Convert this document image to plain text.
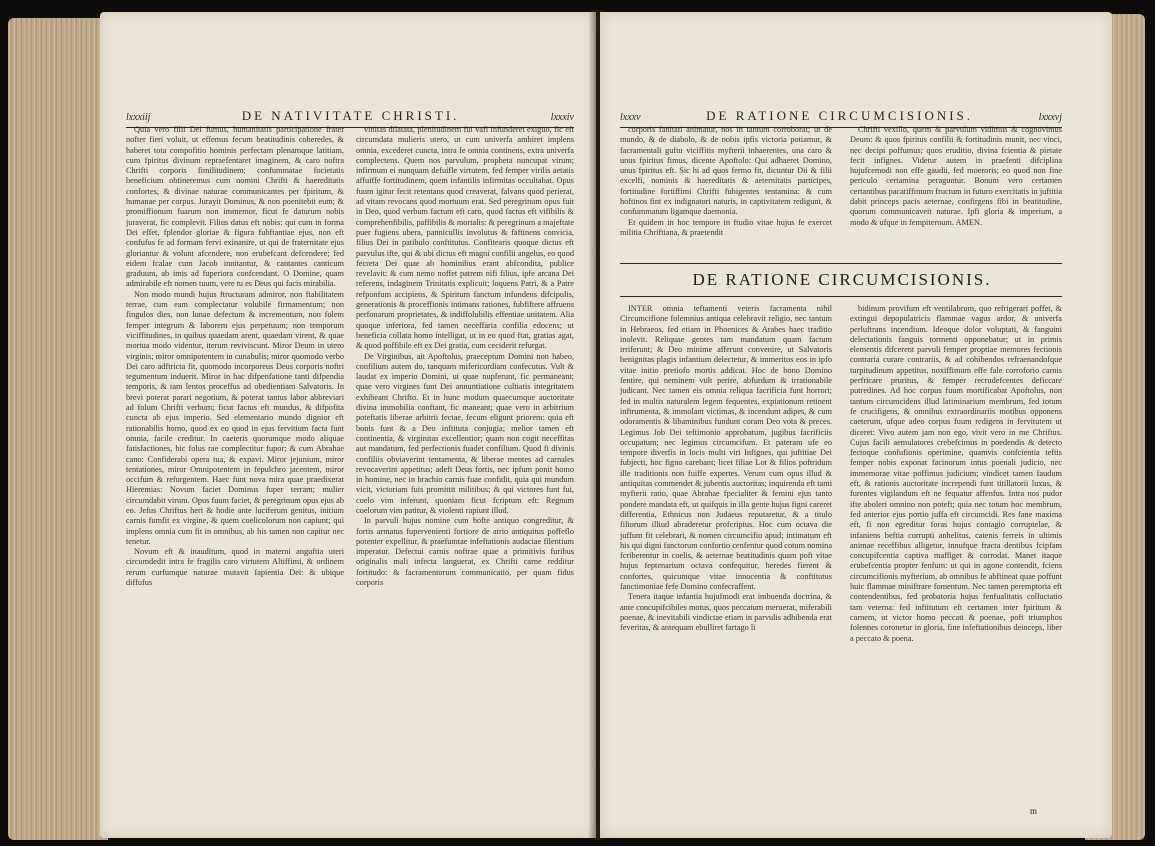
lxxxiij	DE NATIVITATE CHRISTI.	lxxxiv

Quia vero filii Dei fumus, humanitatis participatione frater nofter fieri voluit, ut effemus fecum beatitudinis coheredes, & haberet tota compofitio hominis perfectam plenamque latitiam, cum fpiritus divinum repraefentaret imaginem, & caro noftra Chrifti corporis fimilitudinem; confummatae focietatis beneficium obtineremus cum nomini Chrifti & haereditatis confortes, & divinae naturae communicantes per fpiritum, & humanae per corpus. Jurayit Dominus, & non poenitebit eum; & promiffionum fuarum non immemor, ficut fe daturum nobis juraverat, fic complevit. Filius datus eft nobis: qui cum in forma Dei effet, fplendor gloriae & figura fubftantiae ejus, non eft confufus fe ad formam fervi exinanire, ut qui de fraternitate ejus gloriantur & volunt afcendere, non erubefcant defcendere; fed eidem fcalae cum Jacob innitantur, & cantantes canticum graduum, ab imis ad fuperiora confcendant. O Domine, quam admirabile eft nomen tuum, vere tu es Deus qui facis mirabilia.

Non modo mundi hujus ftructuram admiror, non ftabilitatem terrae, cum eam complectatur volubile firmamentum; non fingulos dies, non lunae defectum & incrementum, non folem femper integrum & laborem ejus perpetuum; non temporum viciffitudines, in quibus quaedam arent, quaedam virent, & quae mortua modo videntur, iterum reviviscunt. Miror Deum in utero virginis; miror omnipotentem in cunabulis; miror quomodo verbo Dei caro adftricta fit, quomodo incorporeus Deus corporis noftri tegumentum induerit. Miror in hac difpenfatione tanti difpendia temporis, & tam lentos proceffus ad obedientiam Salvatoris. In brevi poterat parari negotium, & poterat tantus labor abbreviari ad folum Chrifti verbum; ficut factus eft mundus, & difpofita cuncta ab ejus imperio. Sed elementario mundo dignior eft rationabilis homo, quod ex eo quod in ejus fervitium facta funt omnia, facile creditur. In caeteris quorumque modo aliquae fatisfactiones, hic folus rae complectitur fupor; & cum Abrahae cano: Confiderabi opera tua, & expavi. Miror jejunium, miror tentationes, miror Omnipotentem in fepulchro jacentem, miror occifum & refurgentem. Haec funt nova mira quae praedixerat Hieremias: Novum faciet Dominus fuper terram; mulier circumdabit virum. Opus fuum faciet, & peregrinum opus ejus ab eo. Jefus Chriftus heri & hodie ante luciferum genitus, initium carnis fumfit ex virgine, & quem coelicolorum non capiunt; qui implens omnia cum fit in omnibus, ab his tamen non capitur nec tenetur.

Novum eft & inauditum, quod in materni anguftia uteri circumdedit intra fe fragilis caro virtutem Altiffimi, & ordinem rerum curfumque naturae mutavit fapientia Dei: & ubique diffufus

vinitas dilatata, plenitudinem fui vafi infunderet exiguo, fic eft circumdata mulieris utero, ut cum univerfa ambiret implens omnia, excederet cuncta, intra fe omnia continens, extra univerfa complectens. Quem nos parvulum, propheta nuncupat virum; infirmum ei nunquam defuifle virtutem, fed femper virilis aetatis affuiffe fortitudinem, quem infantilis infirmitas occultabat. Opus fuum igitur fecit retentans quod creaverat, falvans quod perierat, ad vitam revocans quod mortuum erat. Sed peregrinum opus fuit in Deo, quod verbum factum eft caro, quod factus eft vifibilis & comprehenfibilis, paffibilis & mortalis: & peregrinum a majeftate puer fugiens ubera, pannicullis involutus & faftinens convicia, filius Dei in patibulo conftitutus. Confitearis quoque dictus eft parvulus ifte, qui & ubi dictus eft magni confilii angelus, eo quod fecreta Dei quae ab hominibus erant abfcondita, publice revelavit: & cum nemo noffet patrem nifi filius, ipfe arcana Dei referens, indaginem Trinitatis explicuit; loquens Patri, & a Patre refponfum accipiens, & Spiritum fanctum infundens difcipulis, generationis & proceffionis intimans rationes, fubfiftere affruens perfonarum proprietates, & indiffolubilis effentiae unitatem. Alia quoque inferiora, fed tamen neceffaria confilia edocens; ut beneficia collata homo intelligat, ut in eo quod ftat, gratias agat, & quod poffibile eft ex Dei gratia, cum ceciderit refurgat.

De Virginibus, ait Apoftolus, praeceptum Domini non habeo, confilium autem do, tanquam mifericordiam confecutus. Vult & laudat ex imperio Domini, ut quae nupferunt, fic permaneant; quae vero virgines funt Dei annuntiatione cultiatis integritatem exhibeant Chrifto. Et in hunc modum quaecumque auctoritate divina immobilia conftant, fic maneant; quae vero in arbitrium poteftatis liberae arbitrii fectae, fecum eligunt priorem: quia eft bonis funt & a Deo inftituta conjugia; melior tamen eft continentia, & virginitas excellentior; quam non cogit neceffitas aut mandatum, fed perfectionis fuadet confilium. Quod fi divinis confiliis obviaverint tentamenta, & liberae mentes ad carnales revocaverint appetitus; adeft Deus fortis, nec ipfum ponit homo in homine, nec in brachio carnis fuae confidit, quia qui mundum vicit, victoriam fuis promittit militibus; & qui victores funt fui, coelo vim inferunt, quoniam ficut fcriptum eft: Regnum coelorum vim patitur, & violenti rapiunt illud.

In parvuli hujus nomine cum hofte antiquo congreditur, & fortis armatus fupervenienti fortiore de atrio antiquitus poffeflo potenter expellitur, & praefumtae infeftationis audaciae filentium imperatur. Defectui carnis noftrae quae a primitivis furibus originalis mali infecta languerat, ex Chrifti carne redditur fortitudo: & facramentorum communicatio, per quam fidus corporis

lxxxv	DE RATIONE CIRCUMCISIONIS.	lxxxvj

corporis fanitati animatur, nos in tantum corroborat; ut de mundo, & de diabolo, & de nobis ipfis victoria potiamur, & facramentali guftu viciffitis myfterii inhaerentes, una caro & unus fpiritus fimus, dicente Apoftolo: Qui adhaeret Domino, unus fpiritus eft. Sic hi ad quos fermo fit, dicuntur Dii & filii excelfi, nominis & haereditatis & aeternitatis participes, fortitudine fortiffimi Chrifti fubigentes tentamina: & cum hoftinos fint ex indignatori naturis, in captivitatem redigunt, & confummatum ligamque daemonia.

Et quidem in hoc tempore in ftudio vitae hujus fe exercet militia Chriftiana, & praetendit

Chrifti vexillo, quem & parvulum vidimus & cognovimus Deum: & quos fpiritus confilii & fortitudinis munit, nec vinci, nec decipi poffumus; quos eruditio, divina fcientia & pietate fecit infignes. Videtur autem in praefenti difciplina hujufcemodi non effe gaudii, fed moeroris; eo quod non fine periculo certamina peraguntur. Bonum vero certamen certantibus pacatiffimum fructum in futuro exercitatis in juftitia dabit princeps pacis aeternae, confirgens fibi in beatitudine, quorum communicaveit naturae. Ipfi gloria & imperium, a modo & ufque in fempiternum. AMEN.

DE RATIONE CIRCUMCISIONIS.

INTER omnia teftamenti veteris facramenta nihil Circumcifione folemnius antiqua celebravit religio, nec tantum in Hebraeos, fed etiam in Phoenices & Arabes haec traditio inolevit. Reliquae gentes tam mandatum quam factum irriferunt; & Deo minime afferunt convenire, ut Salvatoris benignitas plagis infantium delectetur, & immeritos eos in ipfo vitae initio pretiofo mortis addicat. Hoc de bono Domino fentire, qui neminem vult perire, abfurdum & irrationabile judicant. Nec tamen eis omnia reliqua facrificia funt horrori; fed in multis naturalem legem fequentes, expiationum retinent inftrumenta, & immolant victimas, & incendunt adipes, & cum odoramentis & libaminibus fundunt coram Deo vota & preces. Legimus Job Dei teftimonio approbatum, jugibus facrificiis occupatum; nec legimus circumcifum. Et pateram ufe eo tempore diverfis in locis multi viri Infignes, qui juftitiae Dei fubjecti, hoc figno carebant; licet filiae Lot & filios poftridum ille traditionis non fuiffe expertes. Verum cum opus illud & antiquitas commendet & jubentis auctoritas; inquirenda eft tanti myfterii ratio, quae Abrahae fpecialiter & femini ejus tanto pondere mandata eft, ut quifquis in illa gente hujus figni careret differentia, Ethnicus non Judaeus reputaretur, & a titulo filiorum illiud abraderetur profcriptus. Hoc cum octava die juffum fit celebrari, & nomen circumcifio apud; intimatum eft his qui digni fanctorum confortio cenfentur quod cotum nomina fcriberentur in coelis, & aeternae beatitudinis quam poft vitae hujus feptenarium octava confequitur, heredes fierent & confortes, quicumque vitae innocentia & conftitutus fanctimoniae fefe Domino confecraffent.

Tenera itaque infantia hujufmodi erat imbuenda doctrina, & ante concupifcibiles motus, quos peccatum meruerat, miferabili poenae, & inevitabili vindictae etiam in parvulis adhibenda erat feveritas, & antequam ebulliret fartago li

bidinum provifum eft ventilabrum, quo refrigerari poffet, & extingui depopulatricis flammae vagus ardor, & univerfa perluftrans incendium. Ideoque dolor voluptati, & fanguini delectationis fanguis tormenti opponebatur; ut in primis elementis difcerent parvuli femper proptiae memores fectionis contraria curare contrariis, & ad cohibendos refraenandofque turpitudinum appetitus, noxiffimum effe fale corroforio carnis perfricare pruritus, & femper recrudefcentes deficcare putredines. Ad hoc corpus fuum mortificabat Apoftolus, non tantum circumcidens illud latiminarium membrum, fed totum fe crucifigens, & omnibus extraordinariis motibus opponens caeterum, ufque adeo corpus fuum redigens in fervitutem ut diceret: Vivo autem jam non ego, vivit vero in me Chriftus. Cujus facili aemulatores crebefcimus in poedendis & detecto fectoque confufionis operimine, quamvis confcientia teftis femper nobis exponat facinorum intus poenali judicio, nec immemorae vitae poffimus judicium; vindicet tamen faudum eft, & rationis auctoritate incrependi funt titillatorii luxus, & furentes vigilandum eft ne fequatur affenfus. Intra nos pudor ifte aboleri omnino non poteft; quia nec totum hoc membrum, fed anterior ejus portio juffa eft circumcidi. Res fane maxima eft, fi non egreditur foras hujus contagio corruptelae, & infaniens beftia corrupti anhelitus, catenis ferreis in ultimis animae receffibus alligetur, innufque fracta dentibus fcipfam concupifcentia captiva maffiget & corrodat. Manet itaque erubefcentia propter fenfum: ut qui in agone contendit, fciens circumcifionis myfterium, ab omnibus fe abftineat quae poffunt huic flammae miniftrare fomentum. Nec tamen peremptoria eft contendentibus, fed probatoria hujus fenfualitatis colluctatio tam veterna: fed inftitutum eft certamen inter fpiritum & carnem, ut victor homo peccati & poenae, poft triumphos folennes coronetur in gloria, fine infeftationibus deinceps, liber a peccato & poena.

m
